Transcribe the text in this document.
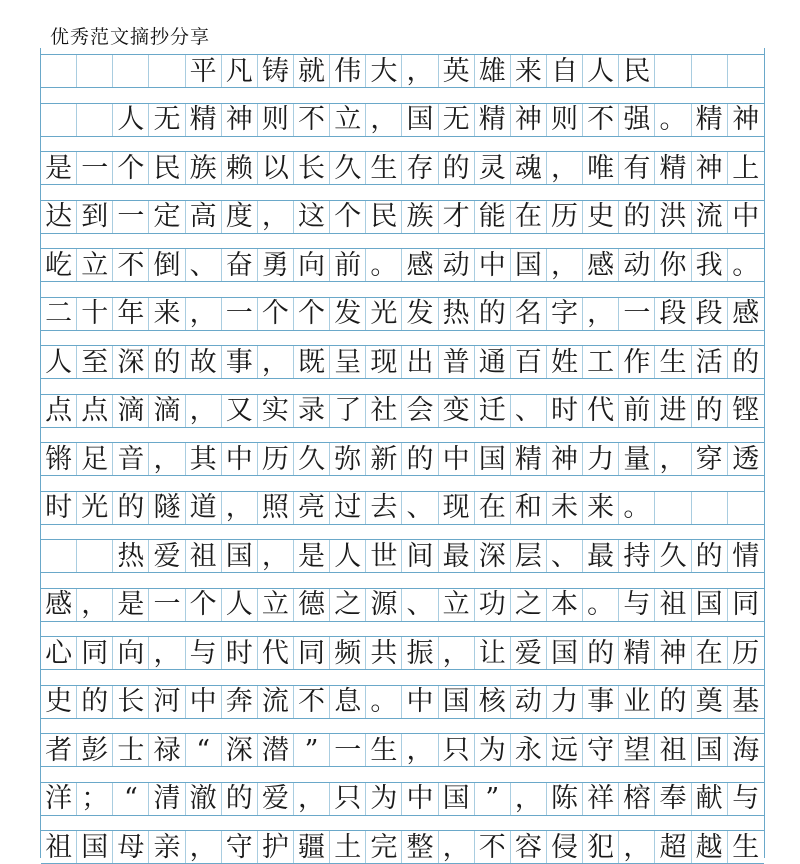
优秀范文摘抄分享
平 凡 铸 就 伟 大 ， 英 雄 来 自 人 民
人 无 精 神 则 不 立 ， 国 无 精 神 则 不 强 。 精 神
是 一 个 民 族 赖 以 长 久 生 存 的 灵 魂 ， 唯 有 精 神 上
达 到 一 定 高 度 ， 这 个 民 族 才 能 在 历 史 的 洪 流 中
屹 立 不 倒 、 奋 勇 向 前 。 感 动 中 国 ， 感 动 你 我 。
二 十 年 来 ， 一 个 个 发 光 发 热 的 名 字 ， 一 段 段 感
人 至 深 的 故 事 ， 既 呈 现 出 普 通 百 姓 工 作 生 活 的
点 点 滴 滴 ， 又 实 录 了 社 会 变 迁 、 时 代 前 进 的 铿
锵 足 音 ， 其 中 历 久 弥 新 的 中 国 精 神 力 量 ， 穿 透
时 光 的 隧 道 ， 照 亮 过 去 、 现 在 和 未 来 。
热 爱 祖 国 ， 是 人 世 间 最 深 层 、 最 持 久 的 情
感 ， 是 一 个 人 立 德 之 源 、 立 功 之 本 。 与 祖 国 同
心 同 向 ， 与 时 代 同 频 共 振 ， 让 爱 国 的 精 神 在 历
史 的 长 河 中 奔 流 不 息 。 中 国 核 动 力 事 业 的 奠 基
者 彭 士 禄 “ 深 潜 ” 一 生 ， 只 为 永 远 守 望 祖 国 海
洋 ； “ 清 澈 的 爱 ， 只 为 中 国 ” ， 陈 祥 榕 奉 献 与
祖 国 母 亲 ， 守 护 疆 土 完 整 ， 不 容 侵 犯 ， 超 越 生
